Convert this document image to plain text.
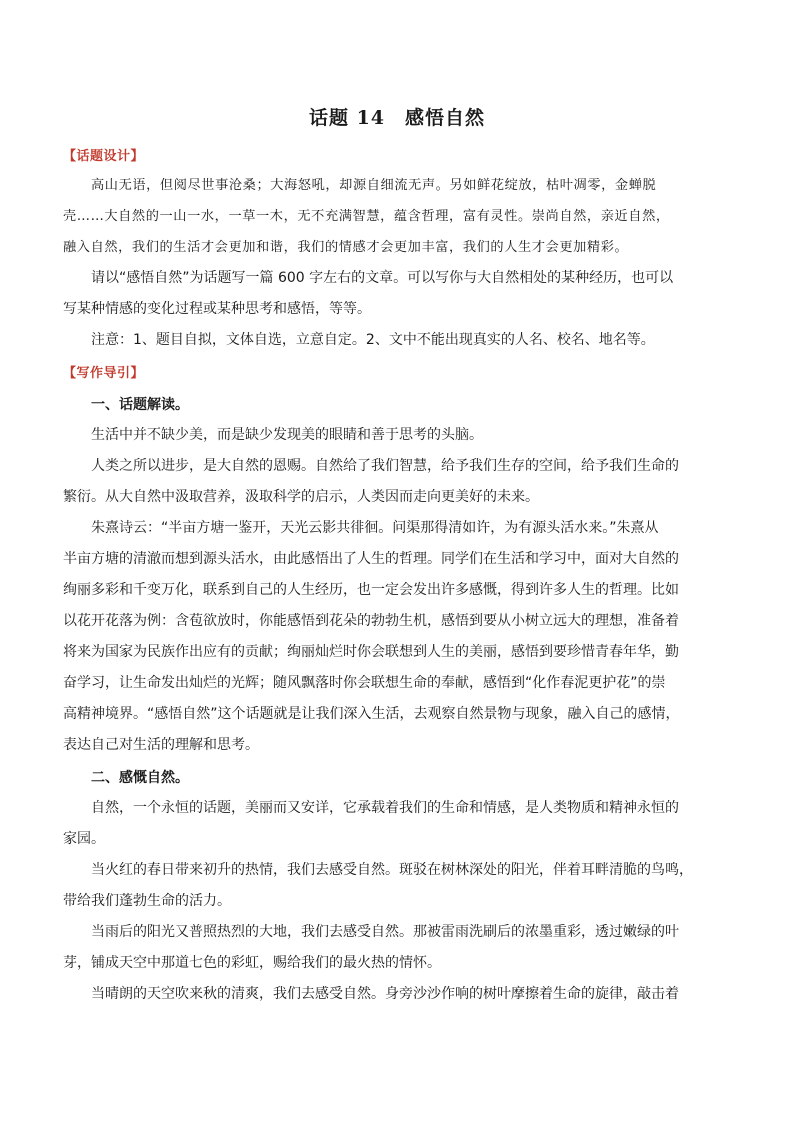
话题 14　感悟自然
【话题设计】
高山无语，但阅尽世事沧桑；大海怒吼，却源自细流无声。另如鲜花绽放，枯叶凋零，金蝉脱
壳……大自然的一山一水，一草一木，无不充满智慧，蕴含哲理，富有灵性。崇尚自然，亲近自然，
融入自然，我们的生活才会更加和谐，我们的情感才会更加丰富，我们的人生才会更加精彩。
请以“感悟自然”为话题写一篇 600 字左右的文章。可以写你与大自然相处的某种经历，也可以
写某种情感的变化过程或某种思考和感悟，等等。
注意：1、题目自拟，文体自选，立意自定。2、文中不能出现真实的人名、校名、地名等。
【写作导引】
一、话题解读。
生活中并不缺少美，而是缺少发现美的眼睛和善于思考的头脑。
人类之所以进步，是大自然的恩赐。自然给了我们智慧，给予我们生存的空间，给予我们生命的
繁衍。从大自然中汲取营养，汲取科学的启示，人类因而走向更美好的未来。
朱熹诗云：“半亩方塘一鉴开，天光云影共徘徊。问渠那得清如许，为有源头活水来。”朱熹从
半亩方塘的清澈而想到源头活水，由此感悟出了人生的哲理。同学们在生活和学习中，面对大自然的
绚丽多彩和千变万化，联系到自己的人生经历，也一定会发出许多感慨，得到许多人生的哲理。比如
以花开花落为例：含苞欲放时，你能感悟到花朵的勃勃生机，感悟到要从小树立远大的理想，准备着
将来为国家为民族作出应有的贡献；绚丽灿烂时你会联想到人生的美丽，感悟到要珍惜青春年华，勤
奋学习，让生命发出灿烂的光辉；随风飘落时你会联想生命的奉献，感悟到“化作春泥更护花”的崇
高精神境界。“感悟自然”这个话题就是让我们深入生活，去观察自然景物与现象，融入自己的感情，
表达自己对生活的理解和思考。
二、感慨自然。
自然，一个永恒的话题，美丽而又安详，它承载着我们的生命和情感，是人类物质和精神永恒的
家园。
当火红的春日带来初升的热情，我们去感受自然。斑驳在树林深处的阳光，伴着耳畔清脆的鸟鸣，
带给我们蓬勃生命的活力。
当雨后的阳光又普照热烈的大地，我们去感受自然。那被雷雨洗刷后的浓墨重彩，透过嫩绿的叶
芽，铺成天空中那道七色的彩虹，赐给我们的最火热的情怀。
当晴朗的天空吹来秋的清爽，我们去感受自然。身旁沙沙作响的树叶摩擦着生命的旋律，敲击着
